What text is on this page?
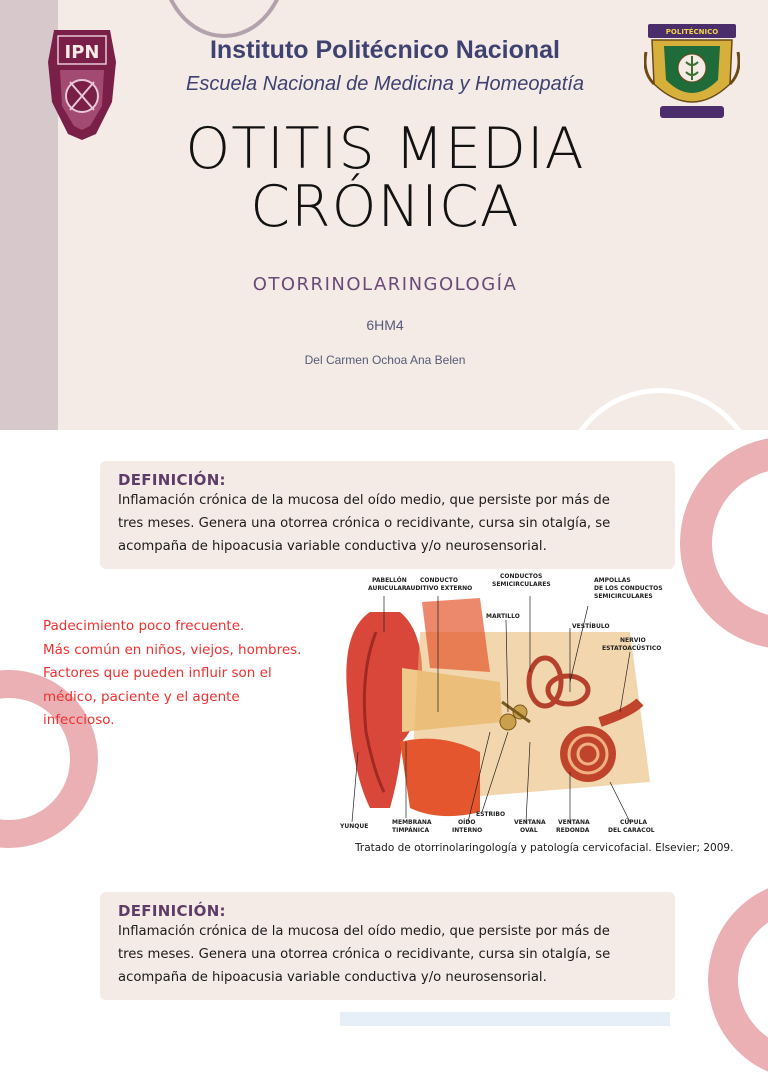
IPN
POLITÉCNICO
Instituto Politécnico Nacional
Escuela Nacional de Medicina y Homeopatía
OTITIS MEDIA
CRÓNICA
OTORRINOLARINGOLOGÍA
6HM4
Del Carmen Ochoa Ana Belen
DEFINICIÓN:
Inflamación crónica de la mucosa del oído medio, que persiste por más de
tres meses. Genera una otorrea crónica o recidivante, cursa sin otalgía, se
acompaña de hipoacusia variable conductiva y/o neurosensorial.
Padecimiento poco frecuente.
Más común en niños, viejos, hombres.
Factores que pueden influir son el
médico, paciente y el agente
infeccioso.
PABELLÓN
AURICULAR
CONDUCTO
AUDITIVO EXTERNO
CONDUCTOS
SEMICIRCULARES
AMPOLLAS
DE LOS CONDUCTOS
SEMICIRCULARES
MARTILLO
VESTÍBULO
NERVIO
ESTATOACÚSTICO
ESTRIBO
YUNQUE
MEMBRANA
TIMPÁNICA
OÍDO
INTERNO
VENTANA
OVAL
VENTANA
REDONDA
CÚPULA
DEL CARACOL
Tratado de otorrinolaringología y patología cervicofacial. Elsevier; 2009.
DEFINICIÓN:
Inflamación crónica de la mucosa del oído medio, que persiste por más de
tres meses. Genera una otorrea crónica o recidivante, cursa sin otalgía, se
acompaña de hipoacusia variable conductiva y/o neurosensorial.
